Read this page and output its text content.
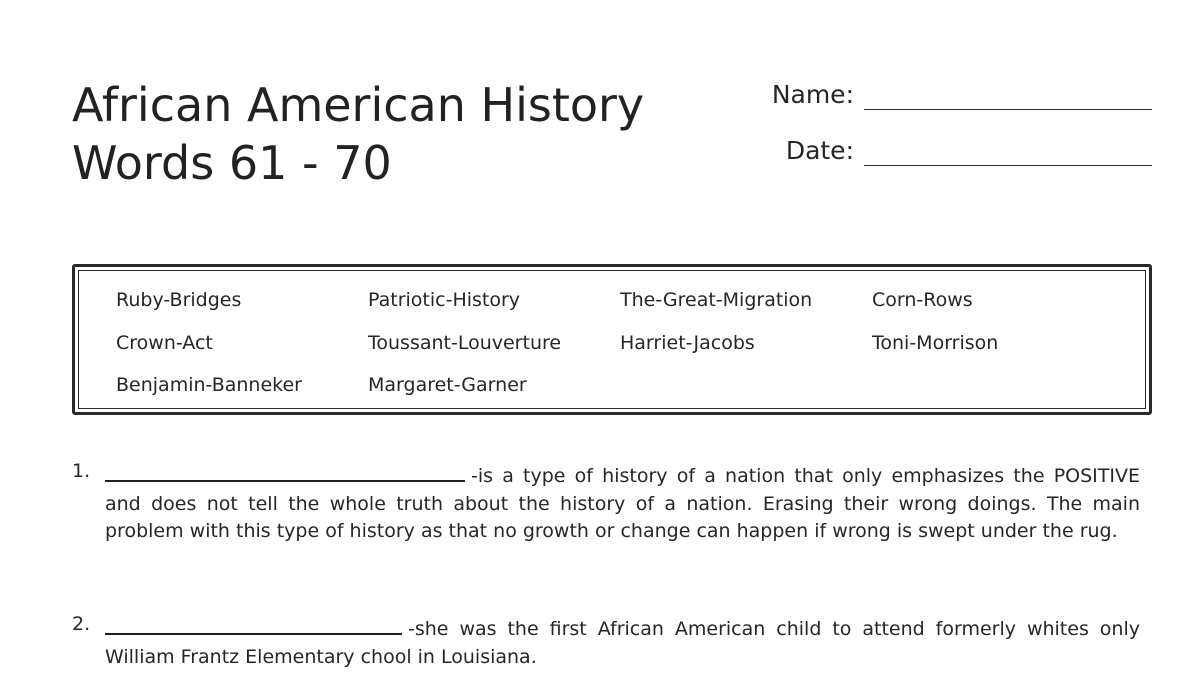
African American History
Words 61 - 70
Name:
Date:
Ruby-Bridges	Patriotic-History	The-Great-Migration	Corn-Rows
Crown-Act	Toussant-Louverture	Harriet-Jacobs	Toni-Morrison
Benjamin-Banneker	Margaret-Garner
1.	-is a type of history of a nation that only emphasizes the POSITIVE and does not tell the whole truth about the history of a nation. Erasing their wrong doings. The main problem with this type of history as that no growth or change can happen if wrong is swept under the rug.
2.	-she was the first African American child to attend formerly whites only William Frantz Elementary chool in Louisiana.
